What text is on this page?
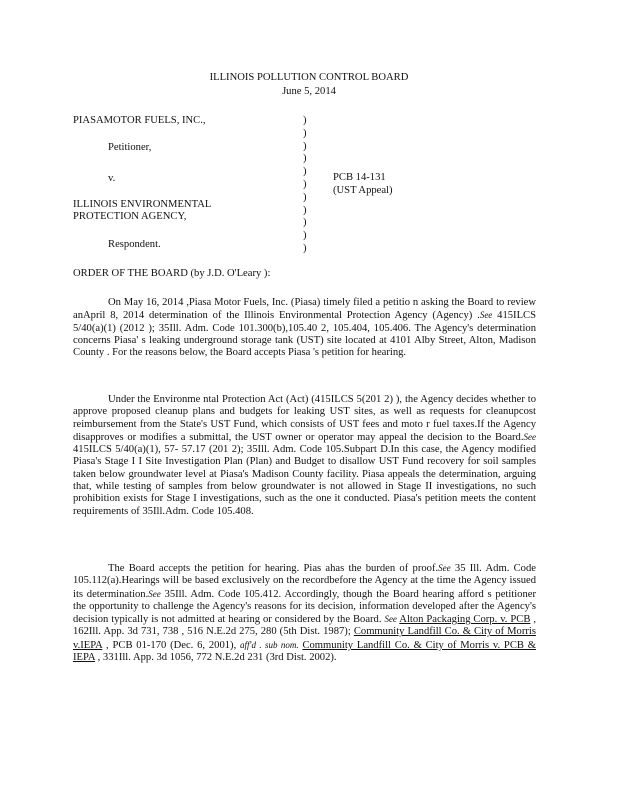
ILLINOIS POLLUTION CONTROL BOARD
June 5, 2014
PIASAMOTOR FUELS, INC.,
Petitioner,
v.
ILLINOIS ENVIRONMENTAL
PROTECTION AGENCY,
Respondent.
)
)
)
)
)
)
)
)
)
)
)
PCB 14-131
(UST Appeal)
ORDER OF THE BOARD (by J.D. O'Leary ):

On May 16, 2014 ,Piasa Motor Fuels, Inc. (Piasa) timely filed a petitio n asking the Board to review anApril 8, 2014 determination of the Illinois Environmental Protection Agency (Agency) .See 415ILCS 5/40(a)(1) (2012 ); 35Ill. Adm. Code 101.300(b),105.40 2, 105.404, 105.406. The Agency's determination concerns Piasa' s leaking underground storage tank (UST) site located at 4101 Alby Street, Alton, Madison County . For the reasons below, the Board accepts Piasa 's petition for hearing.

Under the Environme ntal Protection Act (Act) (415ILCS 5(201 2) ), the Agency decides whether to approve proposed cleanup plans and budgets for leaking UST sites, as well as requests for cleanupcost reimbursement from the State's UST Fund, which consists of UST fees and moto r fuel taxes.If the Agency disapproves or modifies a submittal, the UST owner or operator may appeal the decision to the Board.See 415ILCS 5/40(a)(1), 57- 57.17 (201 2); 35Ill. Adm. Code 105.Subpart D.In this case, the Agency modified Piasa's Stage I I Site Investigation Plan (Plan) and Budget to disallow UST Fund recovery for soil samples taken below groundwater level at Piasa's Madison County facility. Piasa appeals the determination, arguing that, while testing of samples from below groundwater is not allowed in Stage II investigations, no such prohibition exists for Stage I investigations, such as the one it conducted. Piasa's petition meets the content requirements of 35Ill.Adm. Code 105.408.

The Board accepts the petition for hearing. Pias ahas the burden of proof.See 35 Ill. Adm. Code 105.112(a).Hearings will be based exclusively on the recordbefore the Agency at the time the Agency issued its determination.See 35Ill. Adm. Code 105.412. Accordingly, though the Board hearing afford s petitioner the opportunity to challenge the Agency's reasons for its decision, information developed after the Agency's decision typically is not admitted at hearing or considered by the Board. See Alton Packaging Corp. v. PCB , 162Ill. App. 3d 731, 738 , 516 N.E.2d 275, 280 (5th Dist. 1987); Community Landfill Co. & City of Morris v.IEPA , PCB 01-170 (Dec. 6, 2001), aff'd . sub nom. Community Landfill Co. & City of Morris v. PCB & IEPA , 331Ill. App. 3d 1056, 772 N.E.2d 231 (3rd Dist. 2002).
